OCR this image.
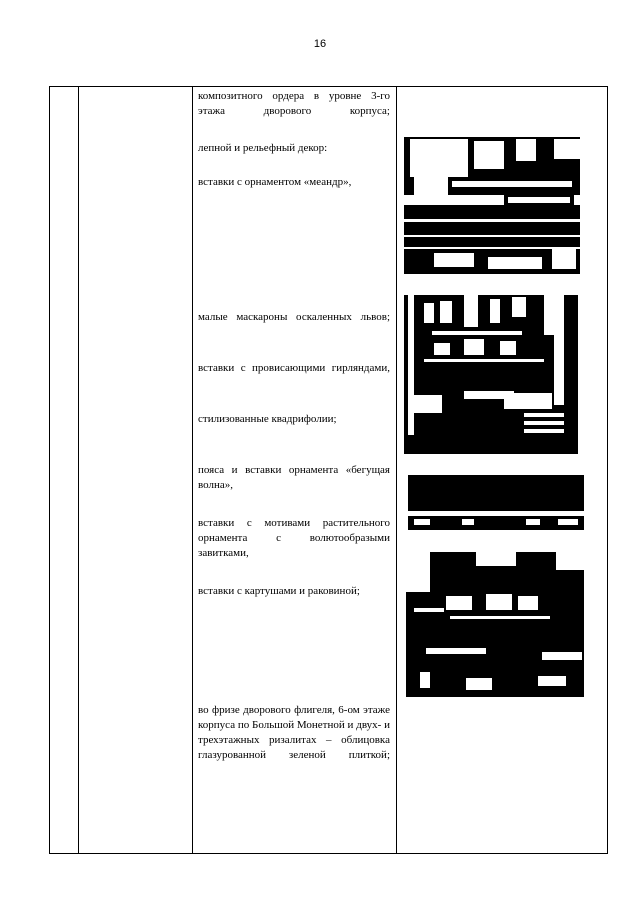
16
композитного ордера в уровне 3-го этажа дворового корпуса;
лепной и рельефный декор:
вставки с орнаментом «меандр»,
малые маскароны оскаленных львов;
вставки с провисающими гирляндами,
стилизованные квадрифолии;
пояса и вставки орнамента «бегущая волна»,
вставки с мотивами растительного орнамента с волютообразыми завитками,
вставки с картушами и раковиной;
во фризе дворового флигеля, 6-ом этаже корпуса по Большой Монетной и двух- и трехэтажных ризалитах – облицовка глазурованной зеленой плиткой;
